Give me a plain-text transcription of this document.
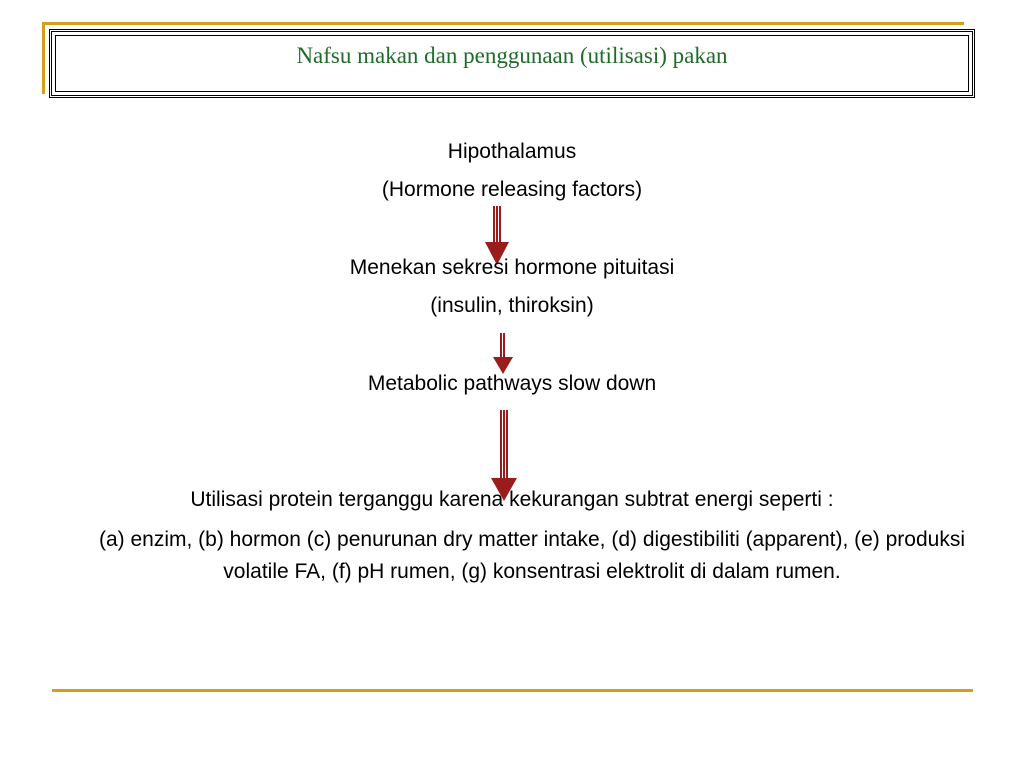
Nafsu makan dan penggunaan (utilisasi) pakan
Hipothalamus
(Hormone releasing factors)
Menekan sekresi hormone pituitasi
(insulin, thiroksin)
Metabolic pathways slow down
Utilisasi protein terganggu karena kekurangan subtrat energi seperti :
(a) enzim, (b) hormon (c) penurunan dry matter intake, (d) digestibiliti (apparent), (e) produksi volatile FA, (f) pH rumen, (g) konsentrasi elektrolit di dalam rumen.
